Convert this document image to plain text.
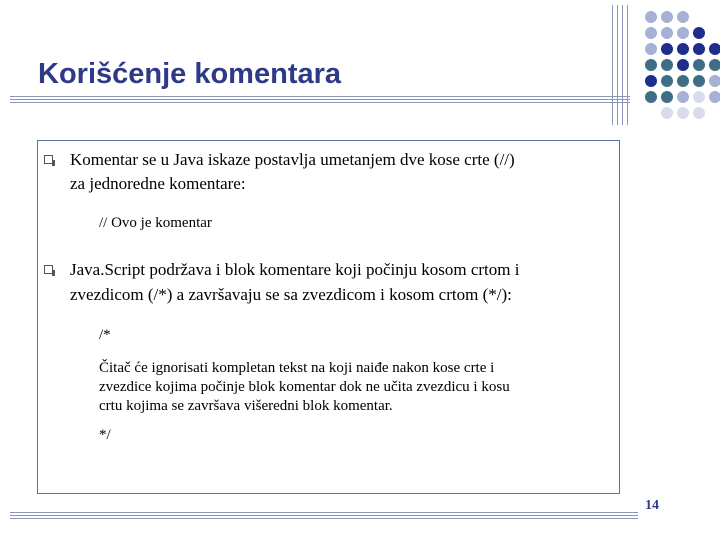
Korišćenje komentara

Komentar se u Java iskaze postavlja umetanjem dve kose crte (//)

za jednoredne komentare:

// Ovo je komentar

Java.Script podržava i blok komentare koji počinju kosom crtom i

zvezdicom (/*) a završavaju se sa zvezdicom i kosom crtom (*/):

/*

Čitač će ignorisati kompletan tekst na koji naiđe nakon kose crte i

zvezdice kojima počinje blok komentar dok ne učita zvezdicu i kosu

crtu kojima se završava višeredni blok komentar.

*/

14
